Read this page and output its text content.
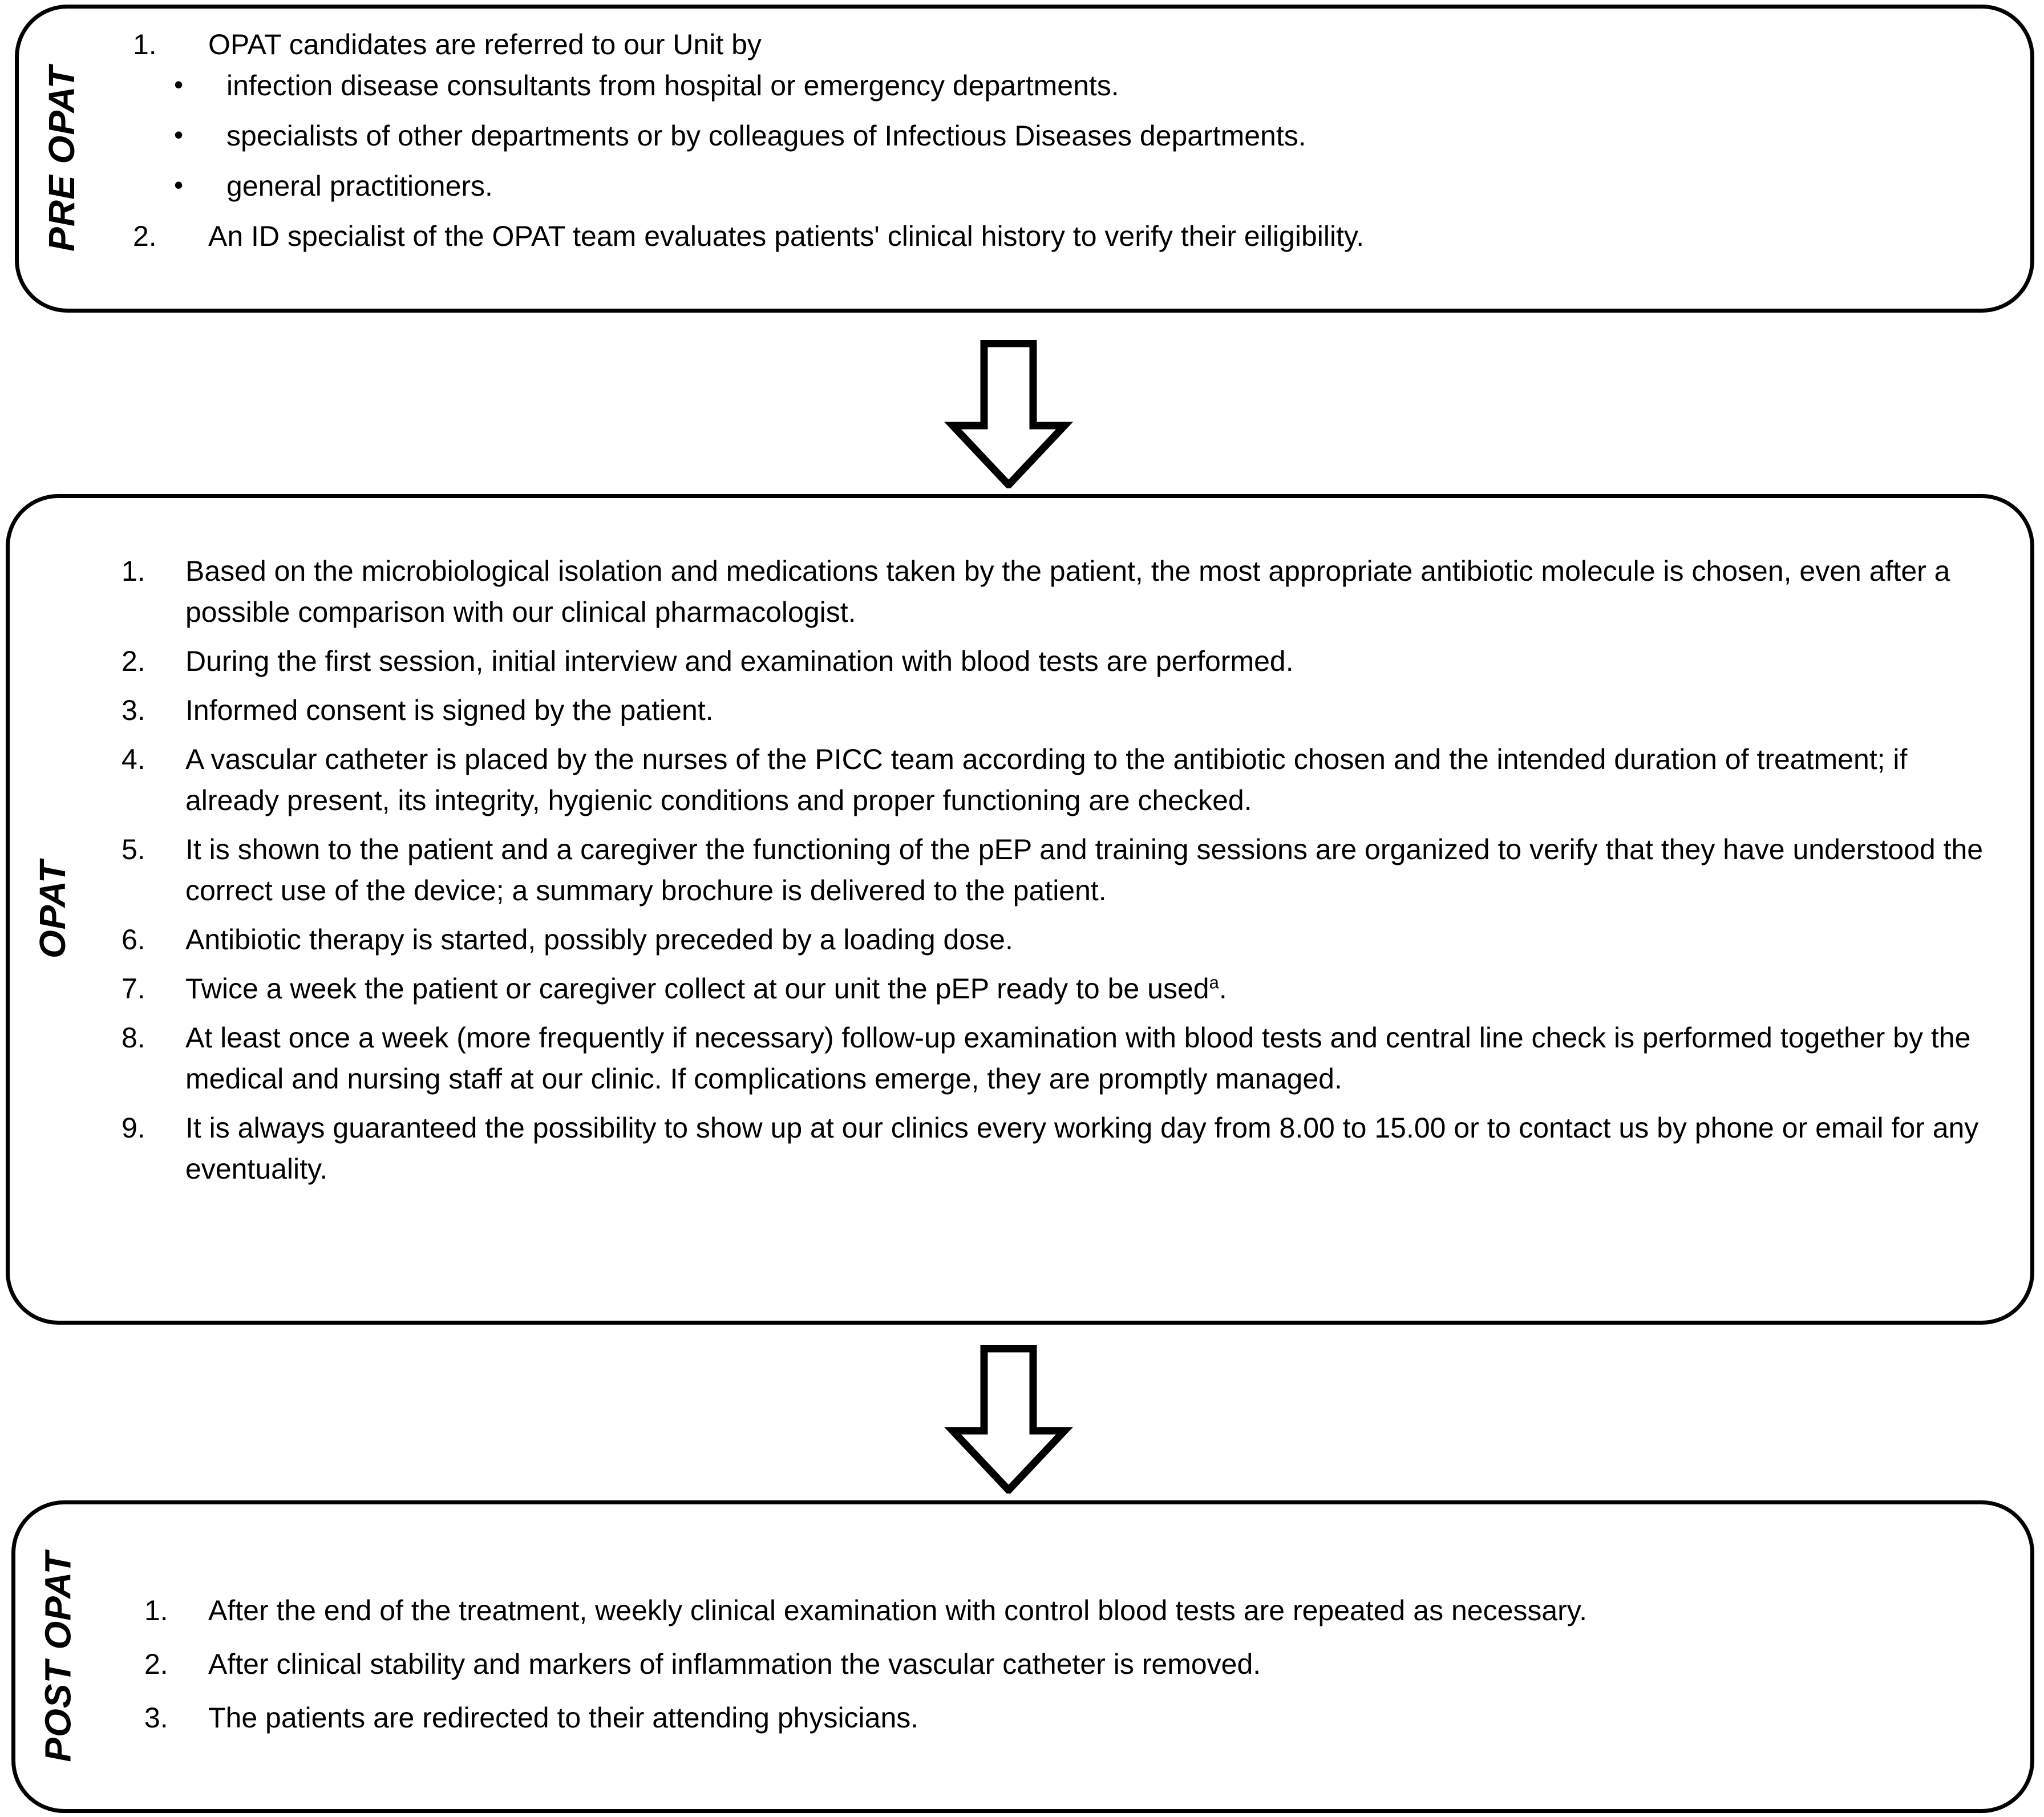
PRE OPAT
1.	OPAT candidates are referred to our Unit by
•	infection disease consultants from hospital or emergency departments.
•	specialists of other departments or by colleagues of Infectious Diseases departments.
•	general practitioners.
2.	An ID specialist of the OPAT team evaluates patients' clinical history to verify their eiligibility.
OPAT
1.	Based on the microbiological isolation and medications taken by the patient, the most appropriate antibiotic molecule is chosen, even after a possible comparison with our clinical pharmacologist.
2.	During the first session, initial interview and examination with blood tests are performed.
3.	Informed consent is signed by the patient.
4.	A vascular catheter is placed by the nurses of the PICC team according to the antibiotic chosen and the intended duration of treatment; if already present, its integrity, hygienic conditions and proper functioning are checked.
5.	It is shown to the patient and a caregiver the functioning of the pEP and training sessions are organized to verify that they have understood the correct use of the device; a summary brochure is delivered to the patient.
6.	Antibiotic therapy is started, possibly preceded by a loading dose.
7.	Twice a week the patient or caregiver collect at our unit the pEP ready to be used$^a$.
8.	At least once a week (more frequently if necessary) follow-up examination with blood tests and central line check is performed together by the medical and nursing staff at our clinic. If complications emerge, they are promptly managed.
9.	It is always guaranteed the possibility to show up at our clinics every working day from 8.00 to 15.00 or to contact us by phone or email for any eventuality.
POST OPAT 1.	After the end of the treatment, weekly clinical examination with control blood tests are repeated as necessary.
2.	After clinical stability and markers of inflammation the vascular catheter is removed.
3.	The patients are redirected to their attending physicians.
